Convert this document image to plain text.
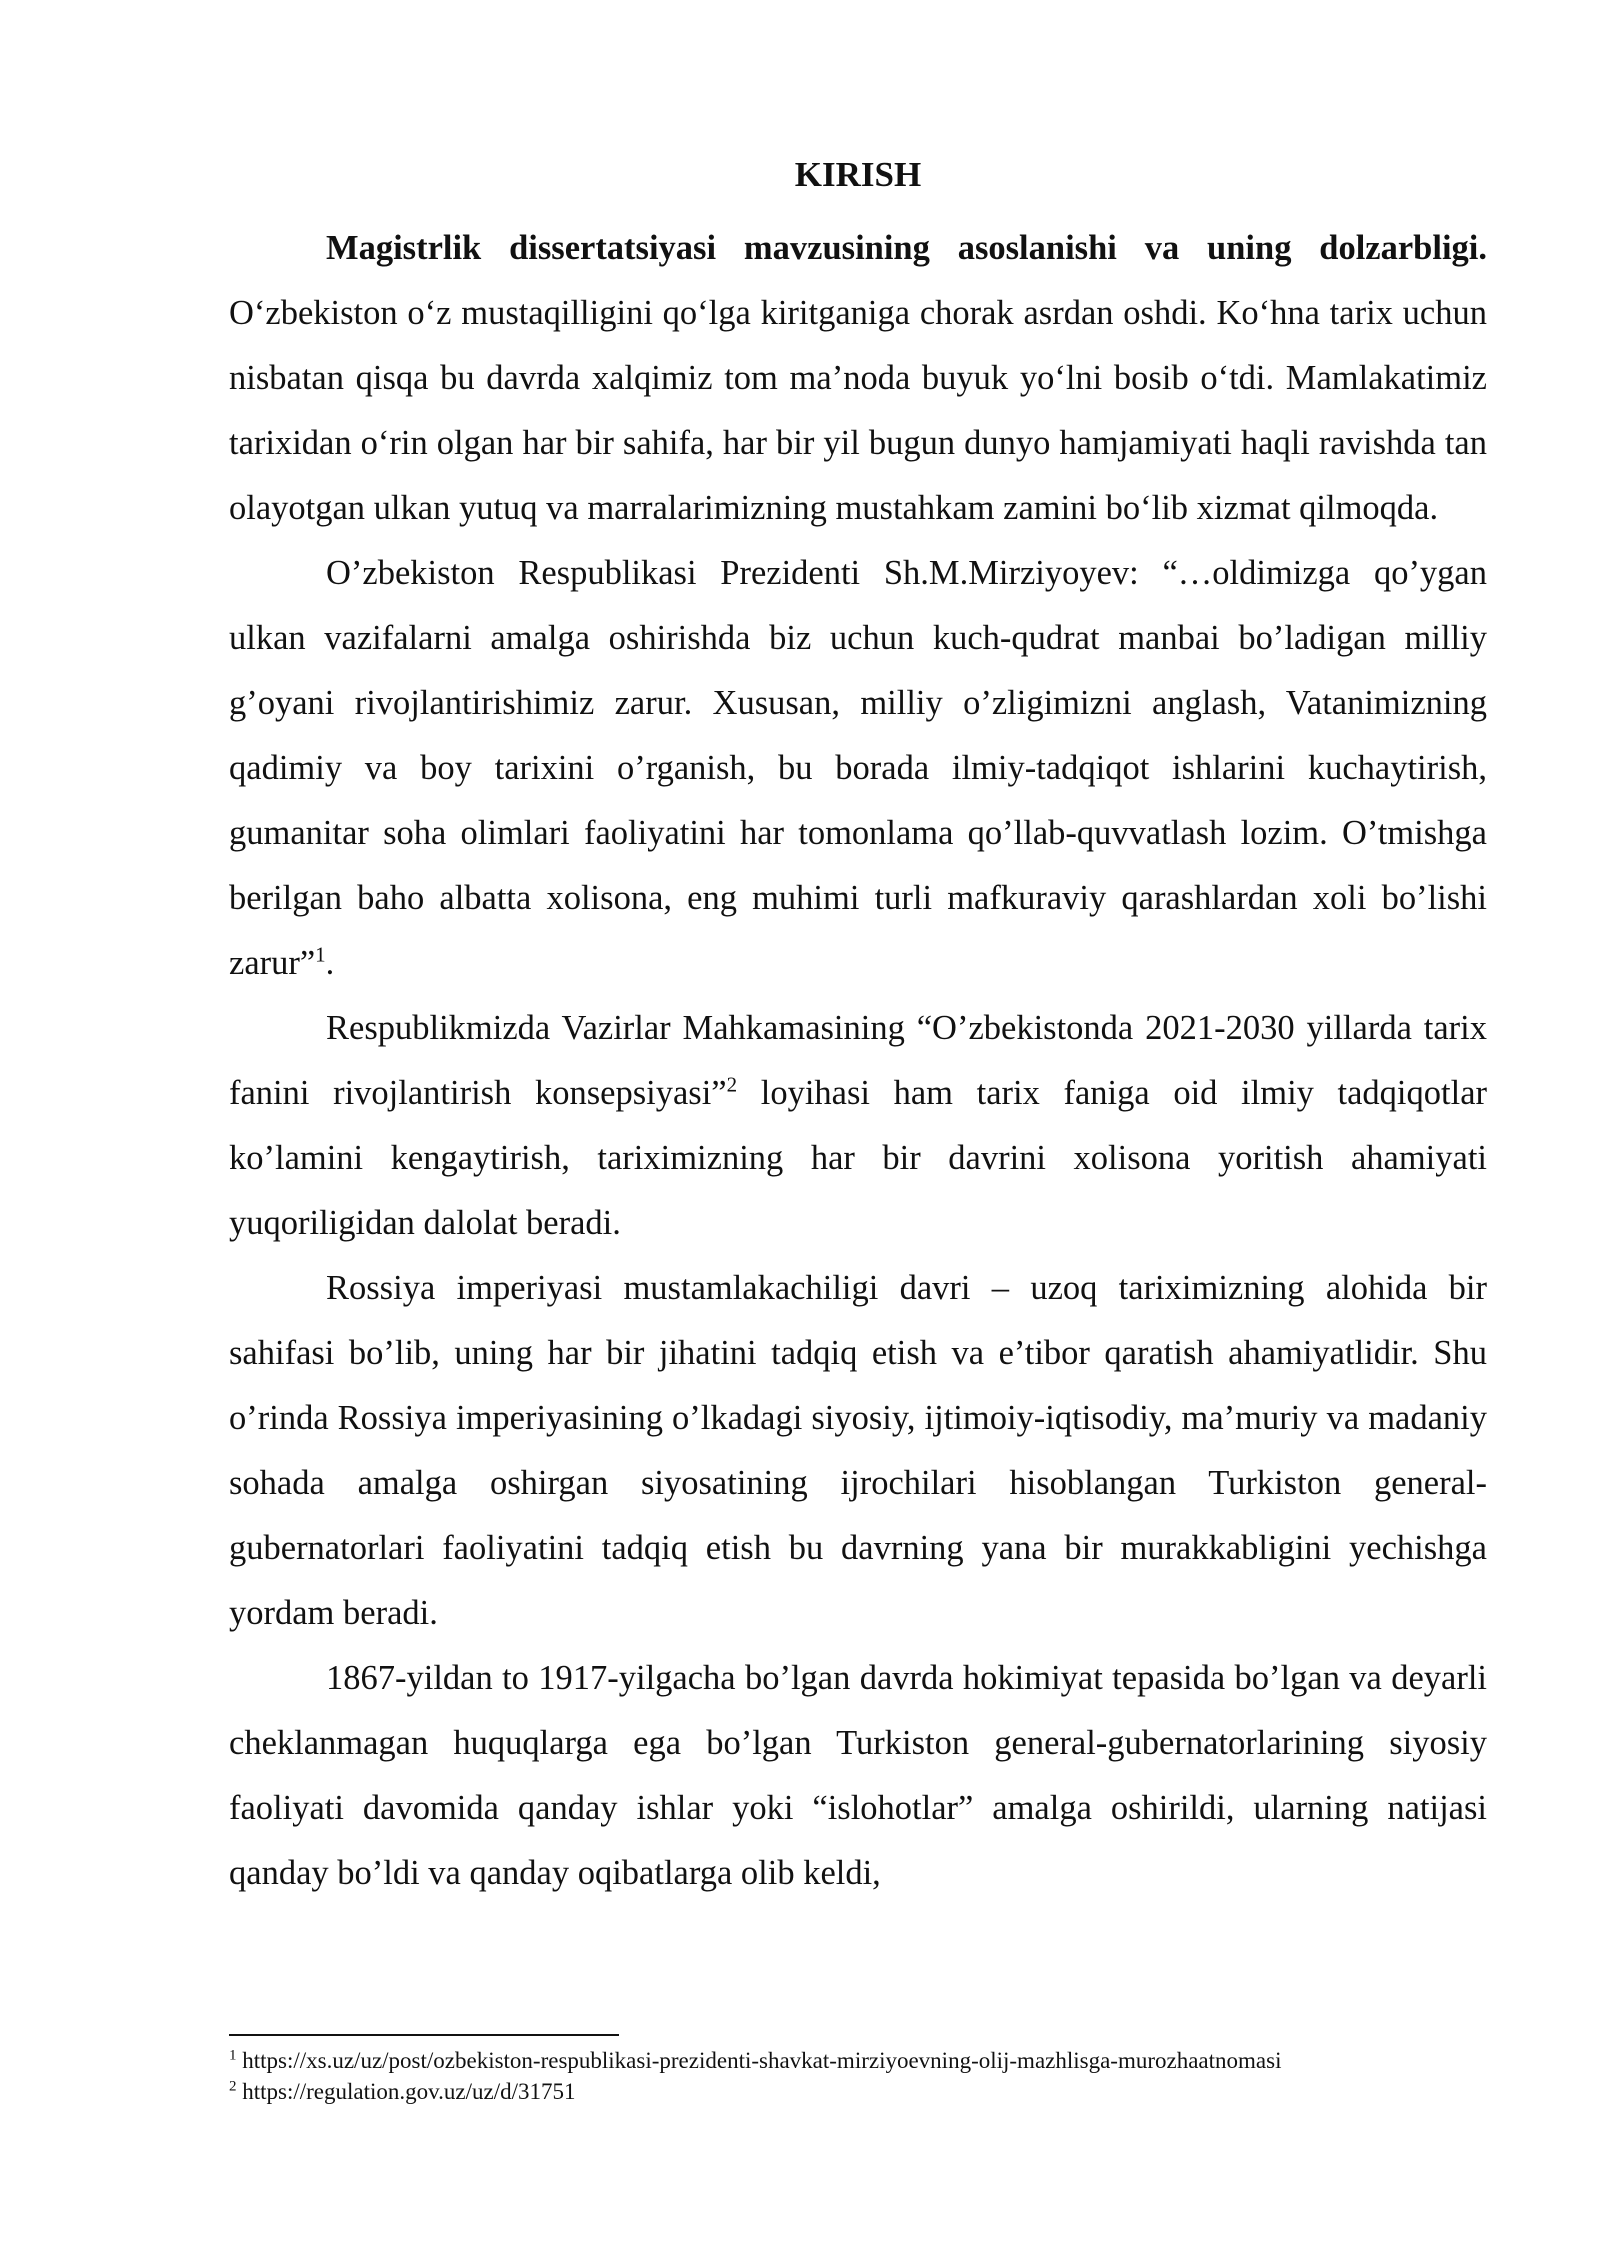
KIRISH

Magistrlik dissertatsiyasi mavzusining asoslanishi va uning dolzarbligi. O‘zbekiston o‘z mustaqilligini qo‘lga kiritganiga chorak asrdan oshdi. Ko‘hna tarix uchun nisbatan qisqa bu davrda xalqimiz tom ma’noda buyuk yo‘lni bosib o‘tdi. Mamlakatimiz tarixidan o‘rin olgan har bir sahifa, har bir yil bugun dunyo hamjamiyati haqli ravishda tan olayotgan ulkan yutuq va marralarimizning mustahkam zamini bo‘lib xizmat qilmoqda.

O’zbekiston Respublikasi Prezidenti Sh.M.Mirziyoyev: “…oldimizga qo’ygan ulkan vazifalarni amalga oshirishda biz uchun kuch-qudrat manbai bo’ladigan milliy g’oyani rivojlantirishimiz zarur. Xususan, milliy o’zligimizni anglash, Vatanimizning qadimiy va boy tarixini o’rganish, bu borada ilmiy-tadqiqot ishlarini kuchaytirish, gumanitar soha olimlari faoliyatini har tomonlama qo’llab-quvvatlash lozim. O’tmishga berilgan baho albatta xolisona, eng muhimi turli mafkuraviy qarashlardan xoli bo’lishi zarur”$^1$.

Respublikmizda Vazirlar Mahkamasining “O’zbekistonda 2021-2030 yillarda tarix fanini rivojlantirish konsepsiyasi”$^2$ loyihasi ham tarix faniga oid ilmiy tadqiqotlar ko’lamini kengaytirish, tariximizning har bir davrini xolisona yoritish ahamiyati yuqoriligidan dalolat beradi.

Rossiya imperiyasi mustamlakachiligi davri – uzoq tariximizning alohida bir sahifasi bo’lib, uning har bir jihatini tadqiq etish va e’tibor qaratish ahamiyatlidir. Shu o’rinda Rossiya imperiyasining o’lkadagi siyosiy, ijtimoiy-iqtisodiy, ma’muriy va madaniy sohada amalga oshirgan siyosatining ijrochilari hisoblangan Turkiston general-gubernatorlari faoliyatini tadqiq etish bu davrning yana bir murakkabligini yechishga yordam beradi.

1867-yildan to 1917-yilgacha bo’lgan davrda hokimiyat tepasida bo’lgan va deyarli cheklanmagan huquqlarga ega bo’lgan Turkiston general-gubernatorlarining siyosiy faoliyati davomida qanday ishlar yoki “islohotlar” amalga oshirildi, ularning natijasi qanday bo’ldi va qanday oqibatlarga olib keldi,

$^1$ https://xs.uz/uz/post/ozbekiston-respublikasi-prezidenti-shavkat-mirziyoevning-olij-mazhlisga-murozhaatnomasi

$^2$ https://regulation.gov.uz/uz/d/31751
